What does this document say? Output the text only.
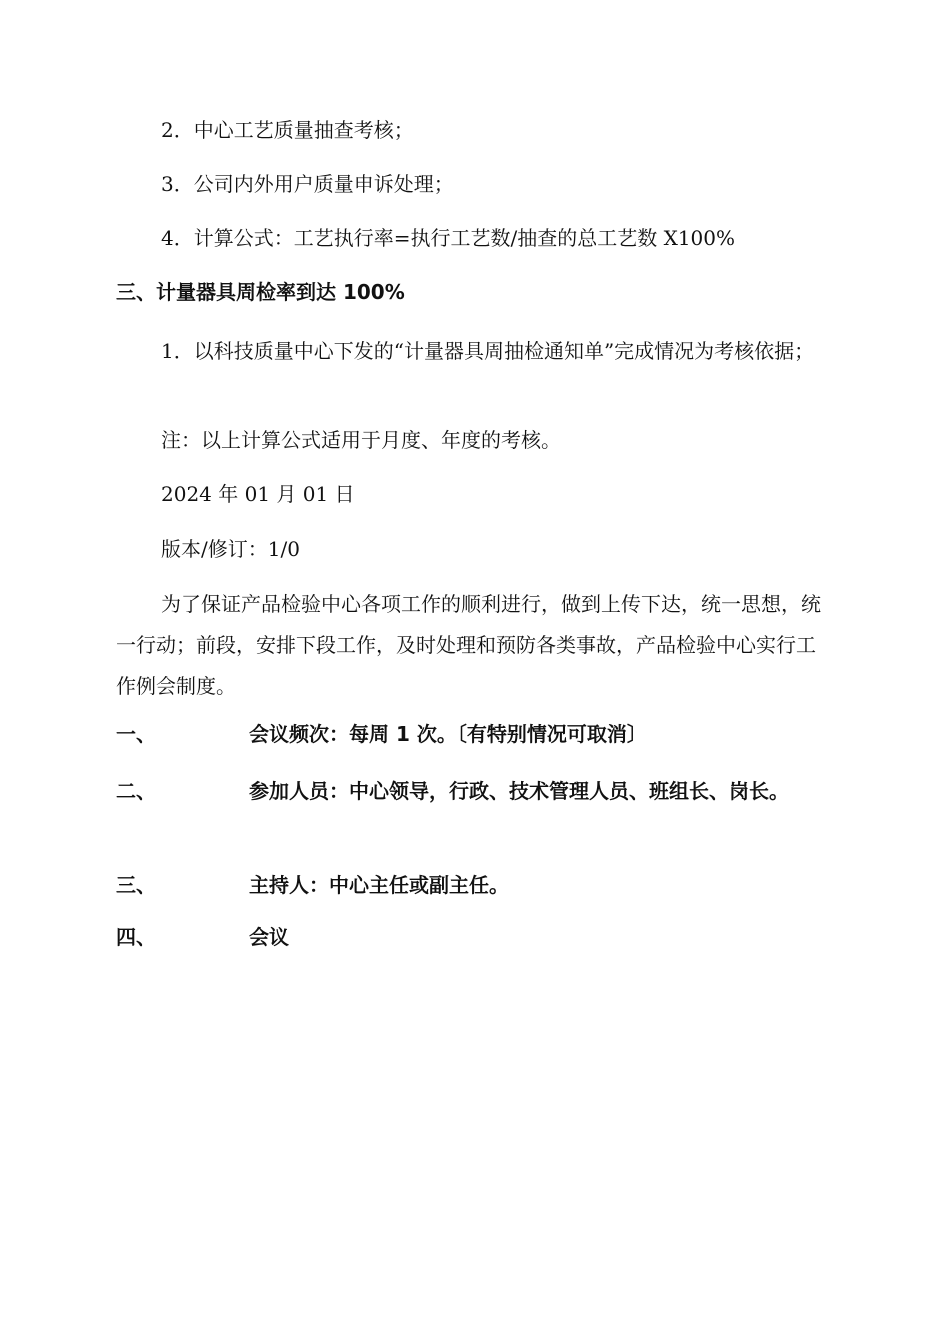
2．中心工艺质量抽查考核；
3．公司内外用户质量申诉处理；
4．计算公式：工艺执行率=执行工艺数/抽查的总工艺数 X100%
三、计量器具周检率到达 100%
1．以科技质量中心下发的“计量器具周抽检通知单”完成情况为考核依据；
注：以上计算公式适用于月度、年度的考核。
2024 年 01 月 01 日
版本/修订：1/0
为了保证产品检验中心各项工作的顺利进行，做到上传下达，统一思想，统一行动；前段，安排下段工作，及时处理和预防各类事故，产品检验中心实行工作例会制度。
一、	会议频次：每周 1 次。〔有特别情况可取消〕
二、	参加人员：中心领导，行政、技术管理人员、班组长、岗长。
三、	主持人：中心主任或副主任。
四、	会议
